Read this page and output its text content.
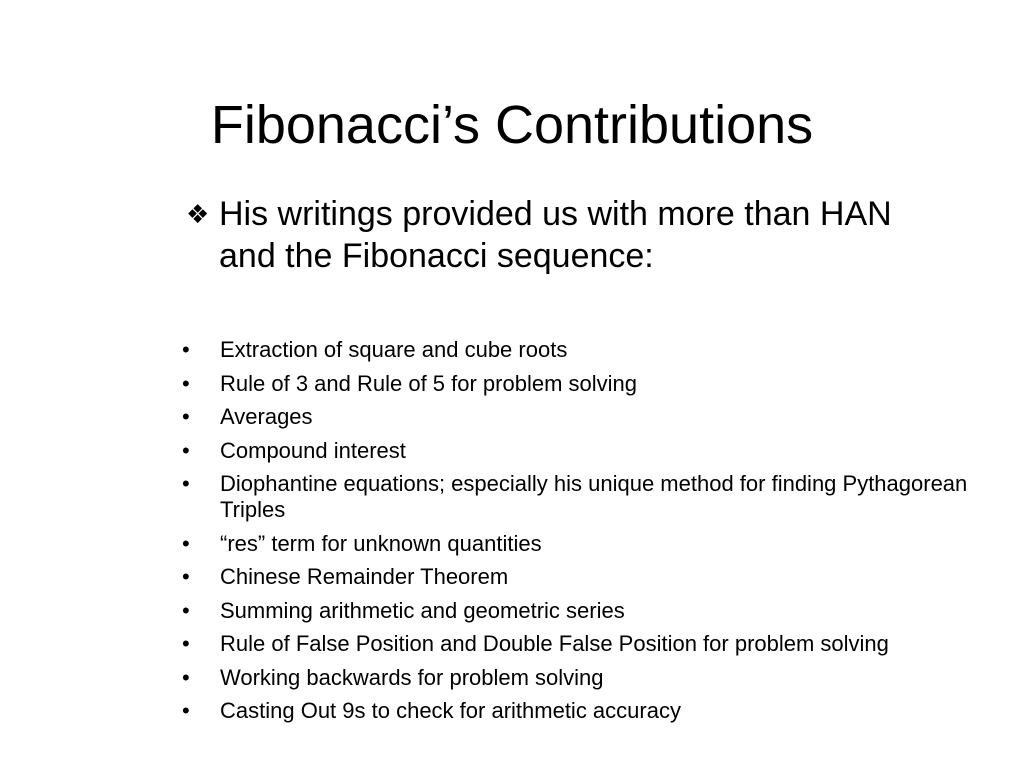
Fibonacci’s Contributions
❖ His writings provided us with more than HAN
and the Fibonacci sequence:
•	Extraction of square and cube roots
•	Rule of 3 and Rule of 5 for problem solving
•	Averages
•	Compound interest
•	Diophantine equations; especially his unique method for finding Pythagorean Triples
•	“res” term for unknown quantities
•	Chinese Remainder Theorem
•	Summing arithmetic and geometric series
•	Rule of False Position and Double False Position for problem solving
•	Working backwards for problem solving
•	Casting Out 9s to check for arithmetic accuracy
